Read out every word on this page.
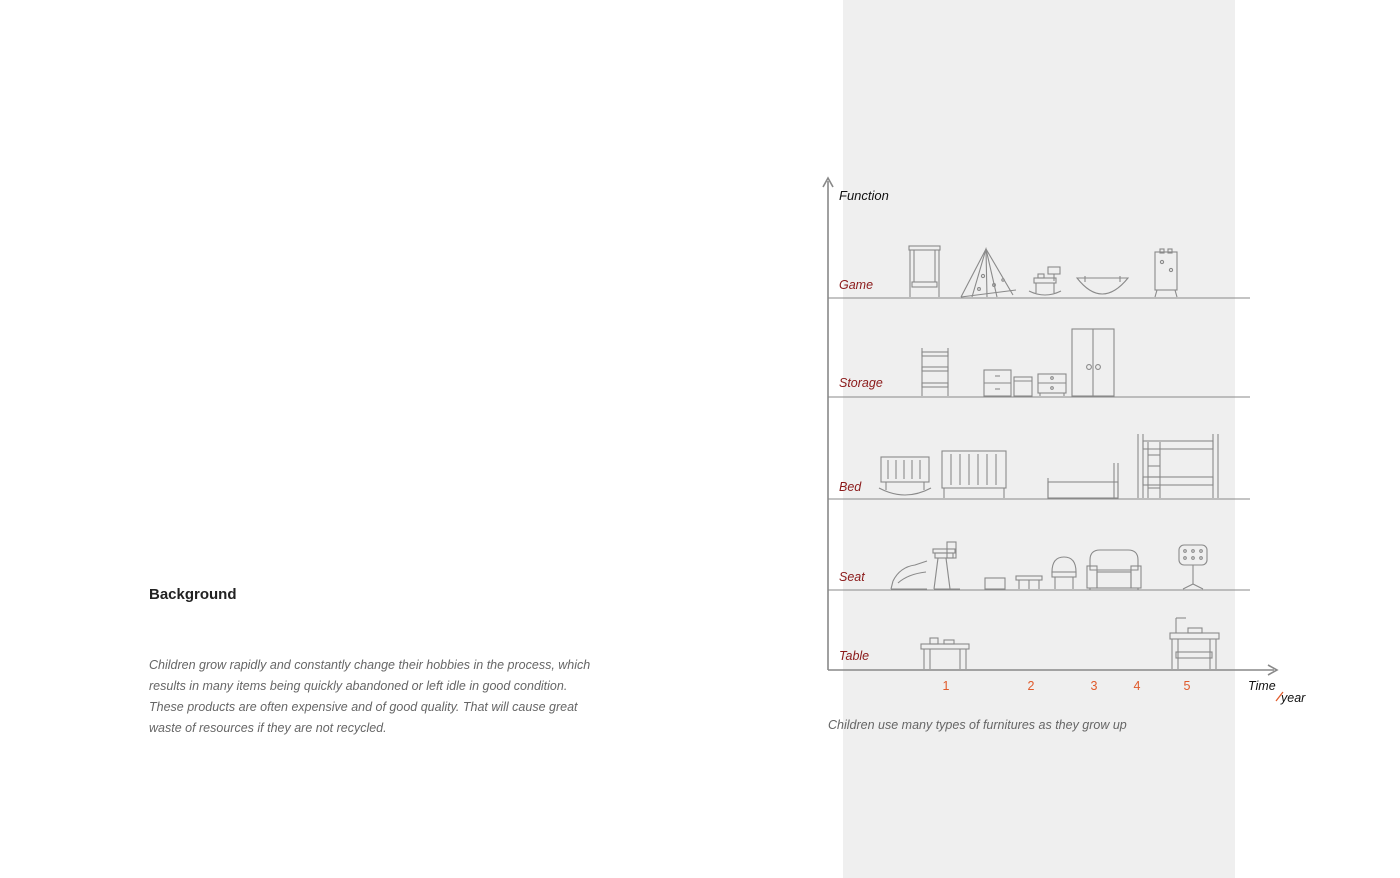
Background
Children grow rapidly and constantly change their hobbies in the process, which
results in many items being quickly abandoned or left idle in good condition.
These products are often expensive and of good quality. That will cause great
waste of resources if they are not recycled.
Function
Game
Storage
Bed
Seat
Table
1	2	3	4	5	Time
year
Children use many types of furnitures as they grow up
